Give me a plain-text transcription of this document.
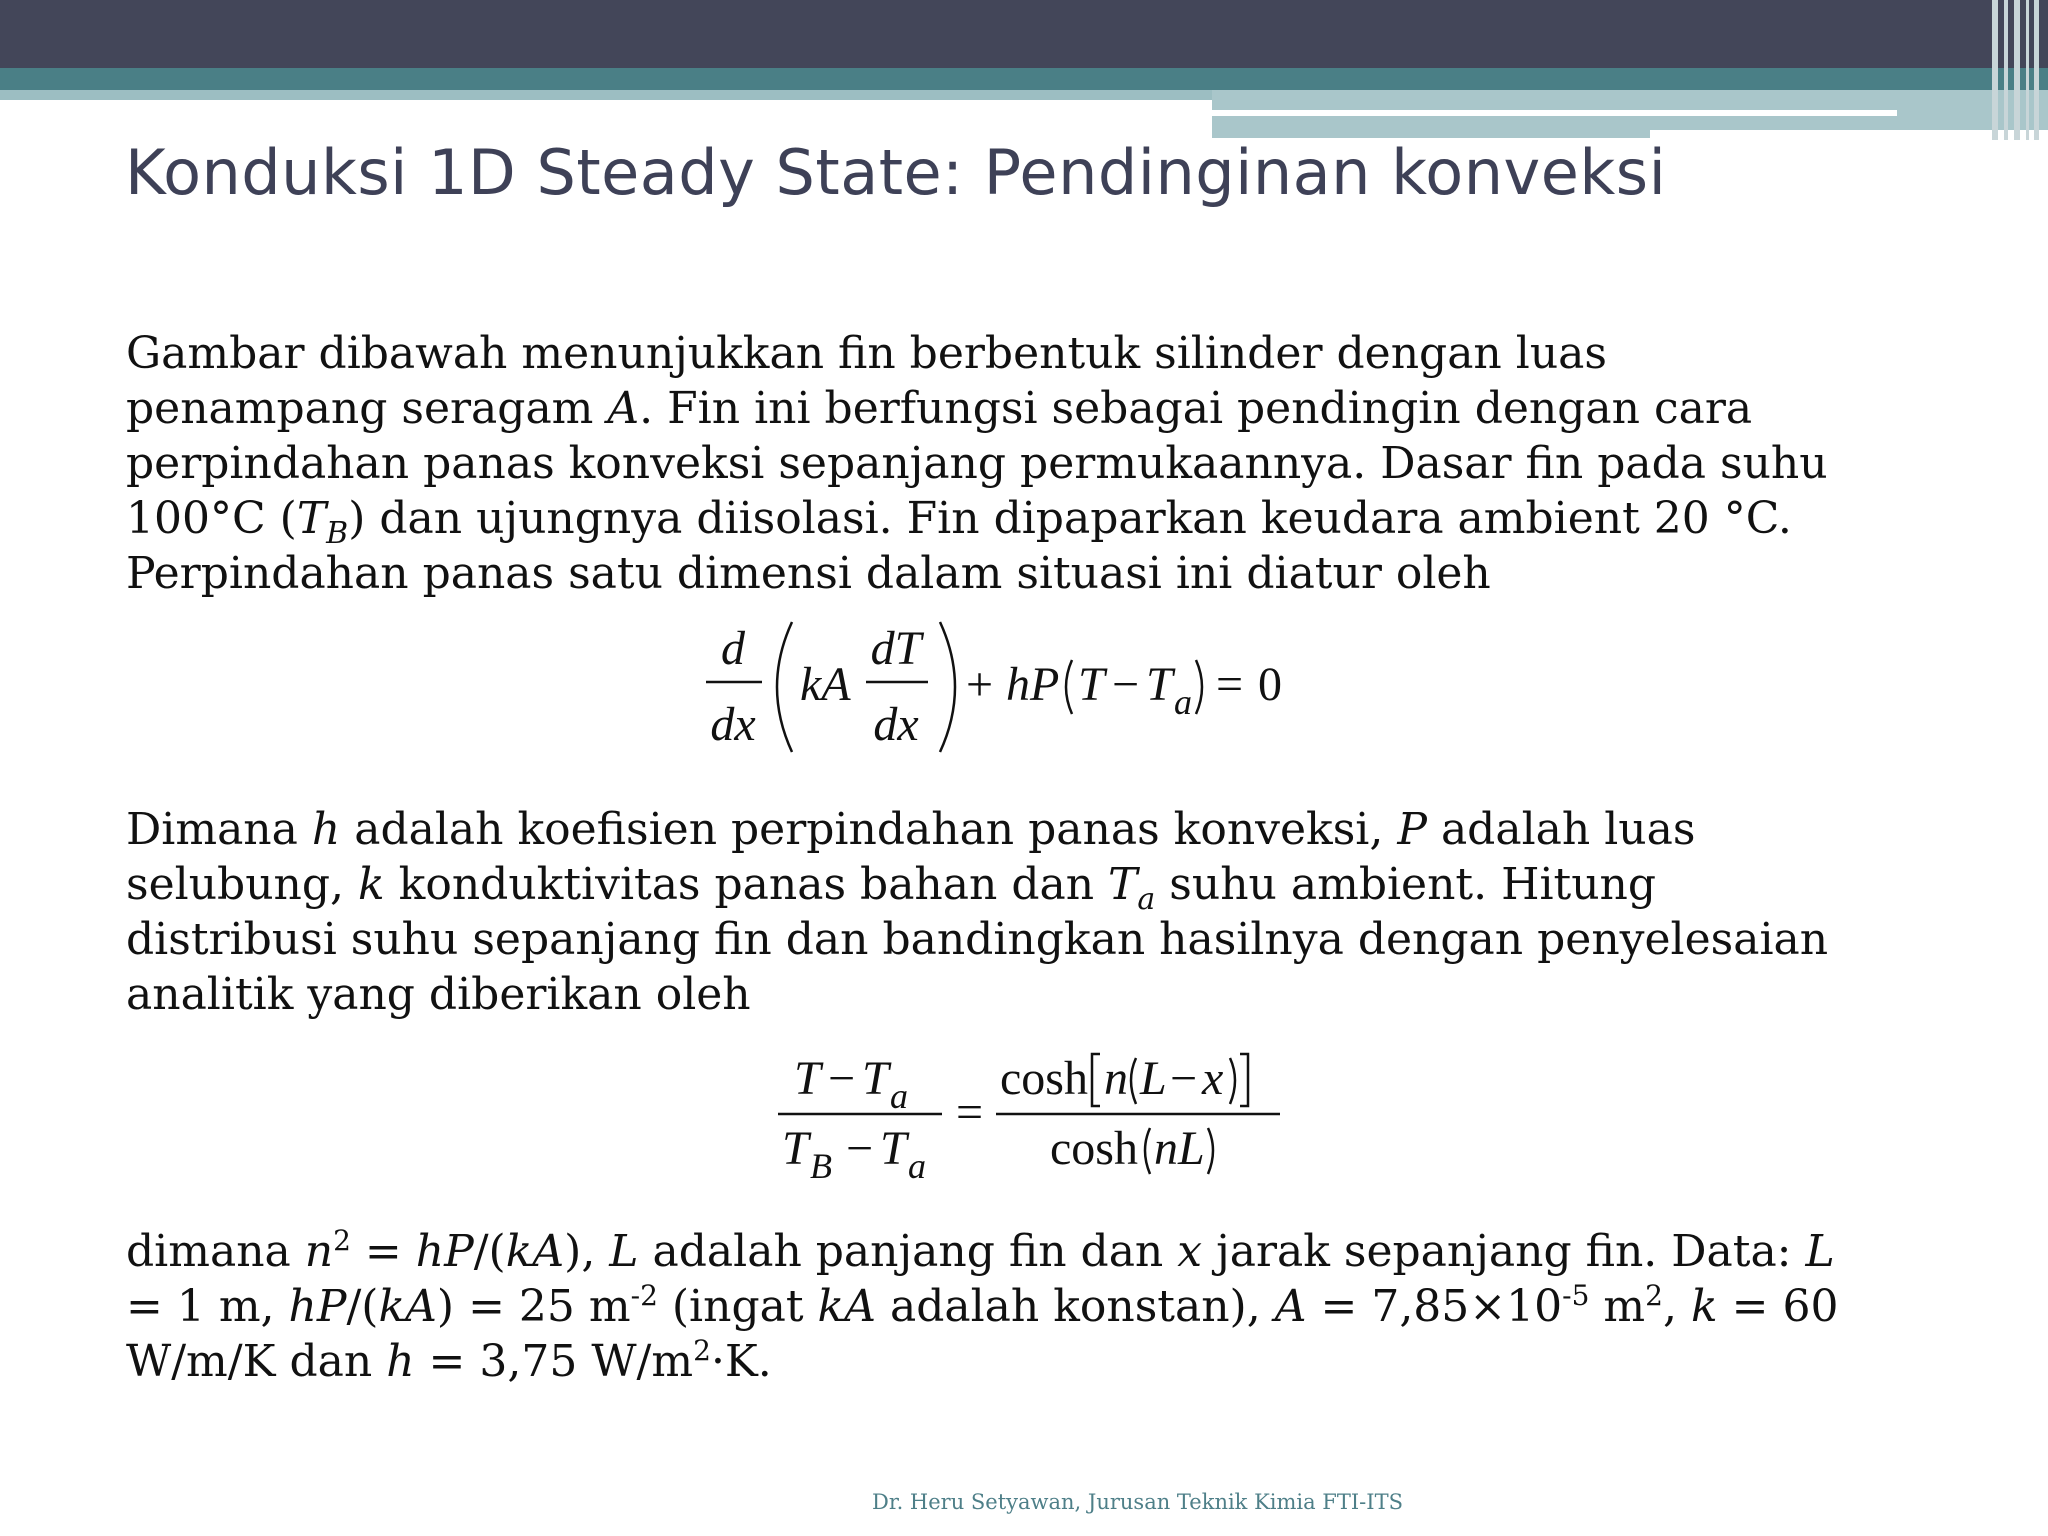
Konduksi 1D Steady State: Pendinginan konveksi
Gambar dibawah menunjukkan fin berbentuk silinder dengan luas
penampang seragam A. Fin ini berfungsi sebagai pendingin dengan cara
perpindahan panas konveksi sepanjang permukaannya. Dasar fin pada suhu
100°C $(T_B)$ dan ujungnya diisolasi. Fin dipaparkan keudara ambient 20 °C.
Perpindahan panas satu dimensi dalam situasi ini diatur oleh
d
dx
kA
dT
dx
+ hP T − T a = 0
Dimana h adalah koefisien perpindahan panas konveksi, P adalah luas
selubung, k konduktivitas panas bahan dan $T_a$ suhu ambient. Hitung
distribusi suhu sepanjang fin dan bandingkan hasilnya dengan penyelesaian
analitik yang diberikan oleh
T − T a
T B − T a
=
cosh n L − x
cosh nL
dimana $n^2 = hP/(kA)$, L adalah panjang fin dan x jarak sepanjang fin. Data: L
= 1 m, hP/(kA) = 25 $m^{-2}$ (ingat kA adalah konstan), $A = 7,85\times 10^{-5}$ $m^2$, k = 60
W/m/K dan h = 3,75 $W/m^2\cdot K$.
Dr. Heru Setyawan, Jurusan Teknik Kimia FTI-ITS
